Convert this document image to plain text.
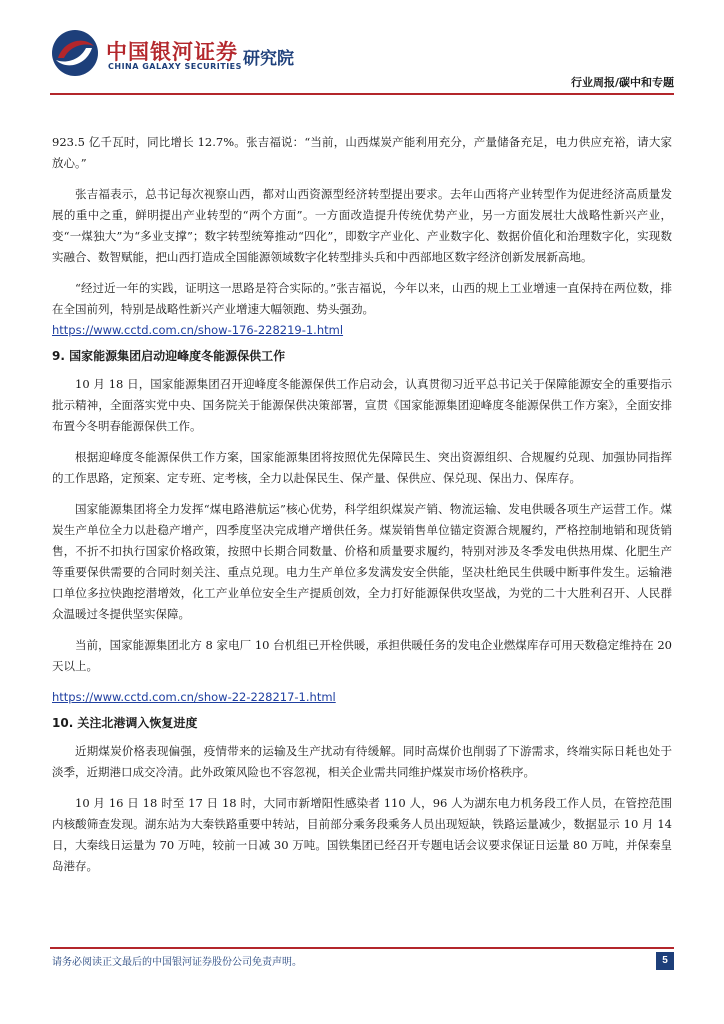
中国银河证券
CHINA GALAXY SECURITIES 研究院
行业周报/碳中和专题

923.5 亿千瓦时，同比增长 12.7%。张吉福说：“当前，山西煤炭产能利用充分，产量储备充足，电力供应充裕，请大家放心。”

张吉福表示，总书记每次视察山西，都对山西资源型经济转型提出要求。去年山西将产业转型作为促进经济高质量发展的重中之重，鲜明提出产业转型的“两个方面”。一方面改造提升传统优势产业，另一方面发展壮大战略性新兴产业，变“一煤独大”为“多业支撑”；数字转型统筹推动“四化”，即数字产业化、产业数字化、数据价值化和治理数字化，实现数实融合、数智赋能，把山西打造成全国能源领域数字化转型排头兵和中西部地区数字经济创新发展新高地。

“经过近一年的实践，证明这一思路是符合实际的。”张吉福说，今年以来，山西的规上工业增速一直保持在两位数，排在全国前列，特别是战略性新兴产业增速大幅领跑、势头强劲。

https://www.cctd.com.cn/show-176-228219-1.html
9. 国家能源集团启动迎峰度冬能源保供工作

10 月 18 日，国家能源集团召开迎峰度冬能源保供工作启动会，认真贯彻习近平总书记关于保障能源安全的重要指示批示精神，全面落实党中央、国务院关于能源保供决策部署，宣贯《国家能源集团迎峰度冬能源保供工作方案》，全面安排布置今冬明春能源保供工作。

根据迎峰度冬能源保供工作方案，国家能源集团将按照优先保障民生、突出资源组织、合规履约兑现、加强协同指挥的工作思路，定预案、定专班、定考核，全力以赴保民生、保产量、保供应、保兑现、保出力、保库存。

国家能源集团将全力发挥“煤电路港航运”核心优势，科学组织煤炭产销、物流运输、发电供暖各项生产运营工作。煤炭生产单位全力以赴稳产增产，四季度坚决完成增产增供任务。煤炭销售单位锚定资源合规履约，严格控制地销和现货销售，不折不扣执行国家价格政策，按照中长期合同数量、价格和质量要求履约，特别对涉及冬季发电供热用煤、化肥生产等重要保供需要的合同时刻关注、重点兑现。电力生产单位多发满发安全供能，坚决杜绝民生供暖中断事件发生。运输港口单位多拉快跑挖潜增效，化工产业单位安全生产提质创效，全力打好能源保供攻坚战，为党的二十大胜利召开、人民群众温暖过冬提供坚实保障。

当前，国家能源集团北方 8 家电厂 10 台机组已开栓供暖，承担供暖任务的发电企业燃煤库存可用天数稳定维持在 20 天以上。

https://www.cctd.com.cn/show-22-228217-1.html
10. 关注北港调入恢复进度

近期煤炭价格表现偏强，疫情带来的运输及生产扰动有待缓解。同时高煤价也削弱了下游需求，终端实际日耗也处于淡季，近期港口成交冷清。此外政策风险也不容忽视，相关企业需共同维护煤炭市场价格秩序。

10 月 16 日 18 时至 17 日 18 时，大同市新增阳性感染者 110 人，96 人为湖东电力机务段工作人员，在管控范围内核酸筛查发现。湖东站为大秦铁路重要中转站，目前部分乘务段乘务人员出现短缺，铁路运量减少，数据显示 10 月 14 日，大秦线日运量为 70 万吨，较前一日减 30 万吨。国铁集团已经召开专题电话会议要求保证日运量 80 万吨，并保秦皇岛港存。

请务必阅读正文最后的中国银河证券股份公司免责声明。	5
